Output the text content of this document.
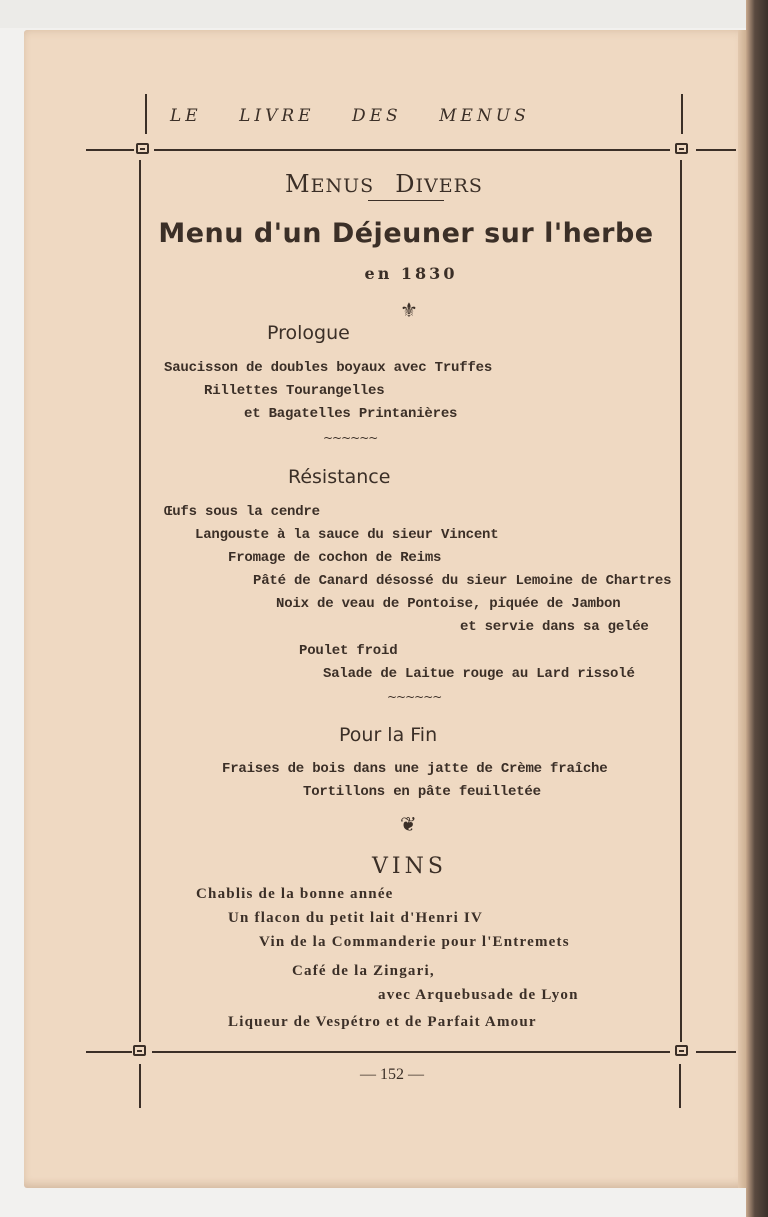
LE LIVRE DES MENUS
MENUS DIVERS
Menu d'un Déjeuner sur l'herbe
en 1830
⚜
Prologue
Saucisson de doubles boyaux avec Truffes
Rillettes Tourangelles
et Bagatelles Printanières
~~~~~~
Résistance
Œufs sous la cendre
Langouste à la sauce du sieur Vincent
Fromage de cochon de Reims
Pâté de Canard désossé du sieur Lemoine de Chartres
Noix de veau de Pontoise, piquée de Jambon
et servie dans sa gelée
Poulet froid
Salade de Laitue rouge au Lard rissolé
~~~~~~
Pour la Fin
Fraises de bois dans une jatte de Crème fraîche
Tortillons en pâte feuilletée
❦
VINS
Chablis de la bonne année
Un flacon du petit lait d'Henri IV
Vin de la Commanderie pour l'Entremets
Café de la Zingari,
avec Arquebusade de Lyon
Liqueur de Vespétro et de Parfait Amour
— 152 —
